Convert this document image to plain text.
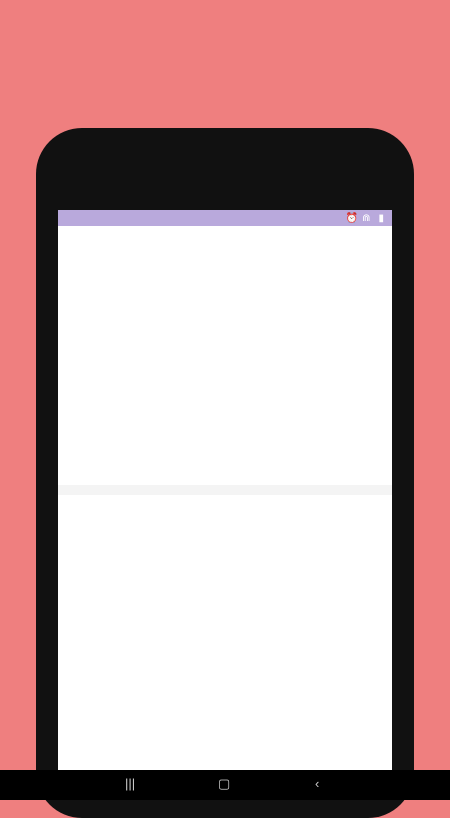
⏰ ⋒ ▮
|||	▢	‹
